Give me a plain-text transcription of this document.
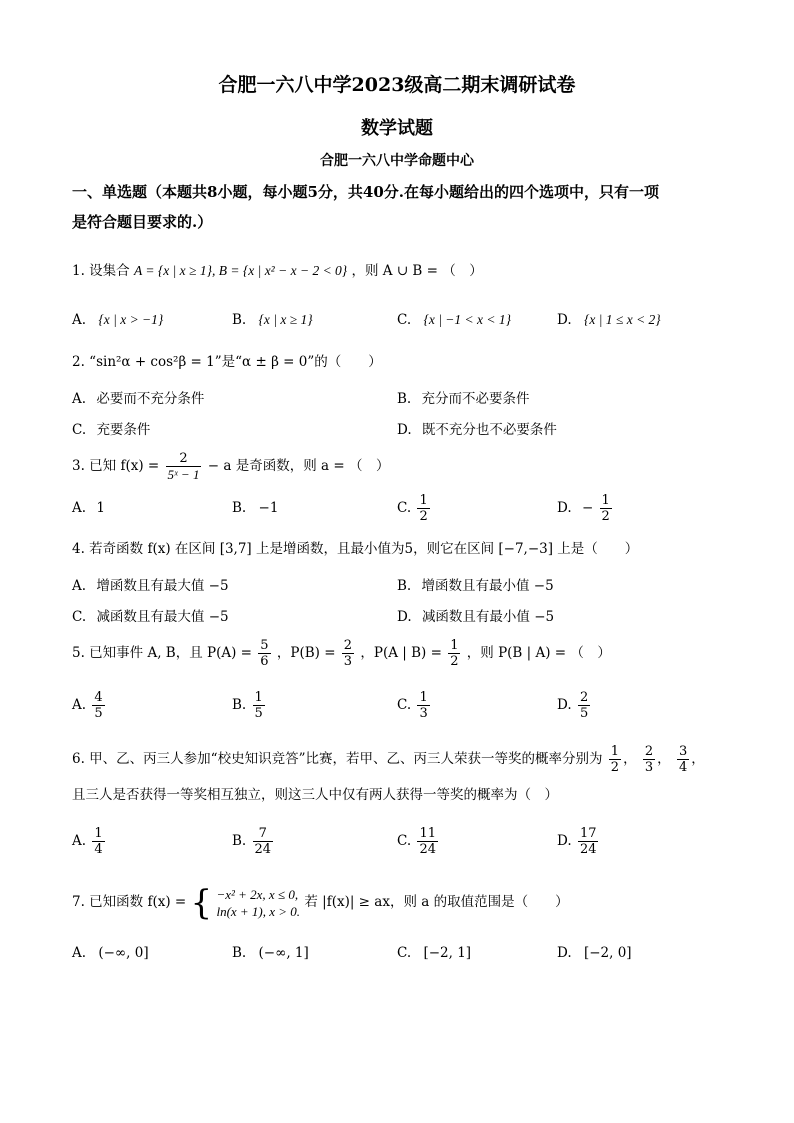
合肥一六八中学2023级高二期末调研试卷
数学试题
合肥一六八中学命题中心
一、单选题（本题共8小题，每小题5分，共40分.在每小题给出的四个选项中，只有一项
是符合题目要求的.）
1. 设集合 A = {x | x ≥ 1}, B = {x | x² − x − 2 < 0} ，则 A ∪ B = （　）
A. {x | x > −1}	B. {x | x ≥ 1}	C. {x | −1 < x < 1}	D. {x | 1 ≤ x < 2}
2. “sin²α + cos²β = 1”是“α ± β = 0”的（　　）
A. 必要而不充分条件	B. 充分而不必要条件
C. 充要条件	D. 既不充分也不必要条件
3. 已知 $f(x) = \frac{2}{\text{5ˣ − 1}} - a$ 是奇函数，则 a = （　）
A. 1	B. −1	C. $\frac{1}{2}$	D. − $\frac{1}{2}$
4. 若奇函数 f(x) 在区间 [3,7] 上是增函数，且最小值为5，则它在区间 [−7,−3] 上是（　　）
A. 增函数且有最大值 −5	B. 增函数且有最小值 −5
C. 减函数且有最大值 −5	D. 减函数且有最小值 −5
5. 已知事件 A, B，且 $P(A) = \frac{5}{6}$ ，$P(B) = \frac{2}{3}$ ，P(A | $B) = \frac{1}{2}$ ，则 P(B | A) = （　）
A. $\frac{4}{5}$	B. $\frac{1}{5}$	C. $\frac{1}{3}$	D. $\frac{2}{5}$
6. 甲、乙、丙三人参加“校史知识竞答”比赛，若甲、乙、丙三人荣获一等奖的概率分别为 $\frac{1}{2}$ ， $\frac{2}{3}$ ， $\frac{3}{4}$ ，
且三人是否获得一等奖相互独立，则这三人中仅有两人获得一等奖的概率为（　）
A. $\frac{1}{4}$	B. $\frac{7}{24}$	C. $\frac{11}{24}$	D. $\frac{17}{24}$
7. 已知函数 f(x) = { −x² + 2x, x ≤ 0,
ln(x + 1), x > 0.
若 |f(x)| ≥ ax，则 a 的取值范围是（　　）
A. (−∞, 0]	B. (−∞, 1]	C. [−2, 1]	D. [−2, 0]
